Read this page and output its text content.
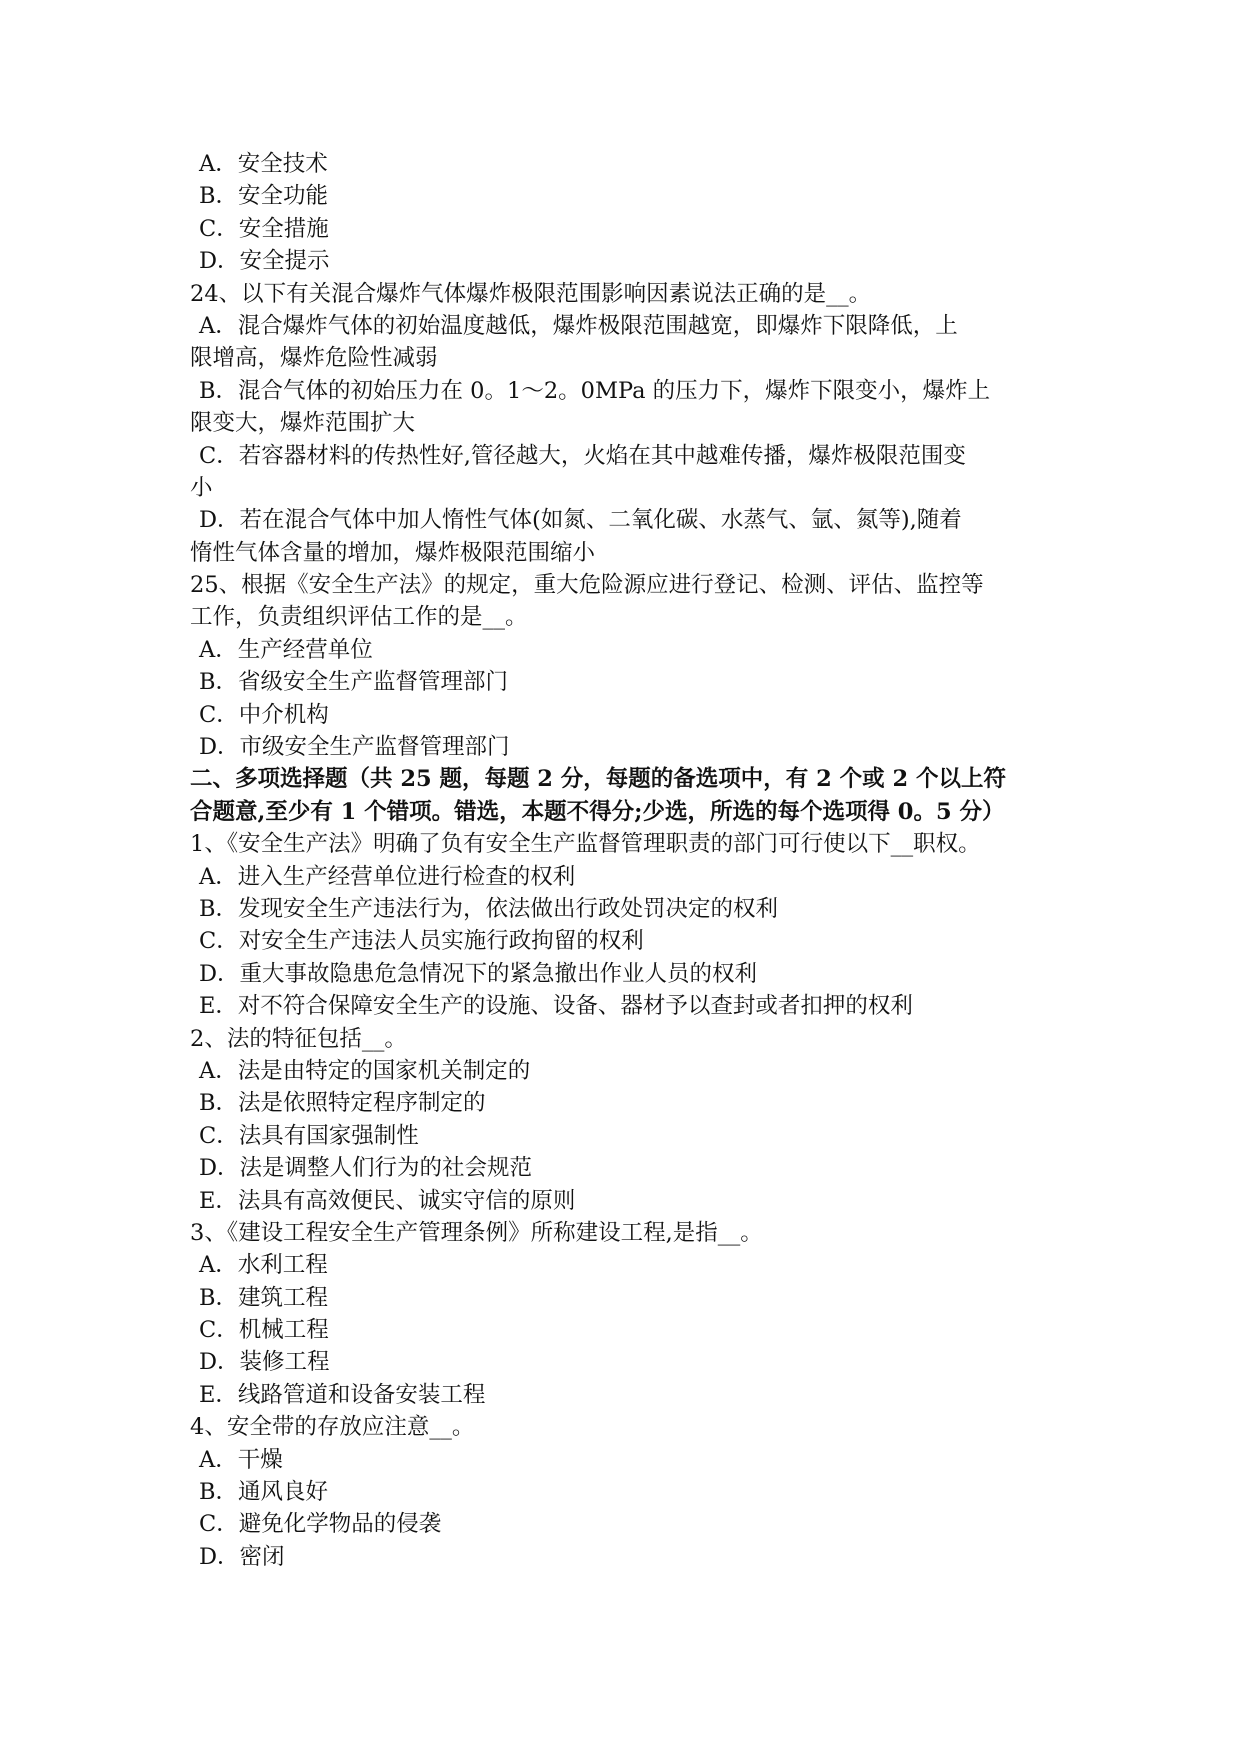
A．安全技术
B．安全功能
C．安全措施
D．安全提示
24、以下有关混合爆炸气体爆炸极限范围影响因素说法正确的是__。
A．混合爆炸气体的初始温度越低，爆炸极限范围越宽，即爆炸下限降低，上
限增高，爆炸危险性减弱
B．混合气体的初始压力在 0。1～2。0MPa 的压力下，爆炸下限变小，爆炸上
限变大，爆炸范围扩大
C．若容器材料的传热性好,管径越大，火焰在其中越难传播，爆炸极限范围变
小
D．若在混合气体中加人惰性气体(如氮、二氧化碳、水蒸气、氩、氮等),随着
惰性气体含量的增加，爆炸极限范围缩小
25、根据《安全生产法》的规定，重大危险源应进行登记、检测、评估、监控等
工作，负责组织评估工作的是__。
A．生产经营单位
B．省级安全生产监督管理部门
C．中介机构
D．市级安全生产监督管理部门
二、多项选择题（共 25 题，每题 2 分，每题的备选项中，有 2 个或 2 个以上符
合题意,至少有 1 个错项。错选，本题不得分;少选，所选的每个选项得 0。5 分）
1、《安全生产法》明确了负有安全生产监督管理职责的部门可行使以下__职权。
A．进入生产经营单位进行检查的权利
B．发现安全生产违法行为，依法做出行政处罚决定的权利
C．对安全生产违法人员实施行政拘留的权利
D．重大事故隐患危急情况下的紧急撤出作业人员的权利
E．对不符合保障安全生产的设施、设备、器材予以查封或者扣押的权利
2、法的特征包括__。
A．法是由特定的国家机关制定的
B．法是依照特定程序制定的
C．法具有国家强制性
D．法是调整人们行为的社会规范
E．法具有高效便民、诚实守信的原则
3、《建设工程安全生产管理条例》所称建设工程,是指__。
A．水利工程
B．建筑工程
C．机械工程
D．装修工程
E．线路管道和设备安装工程
4、安全带的存放应注意__。
A．干燥
B．通风良好
C．避免化学物品的侵袭
D．密闭
